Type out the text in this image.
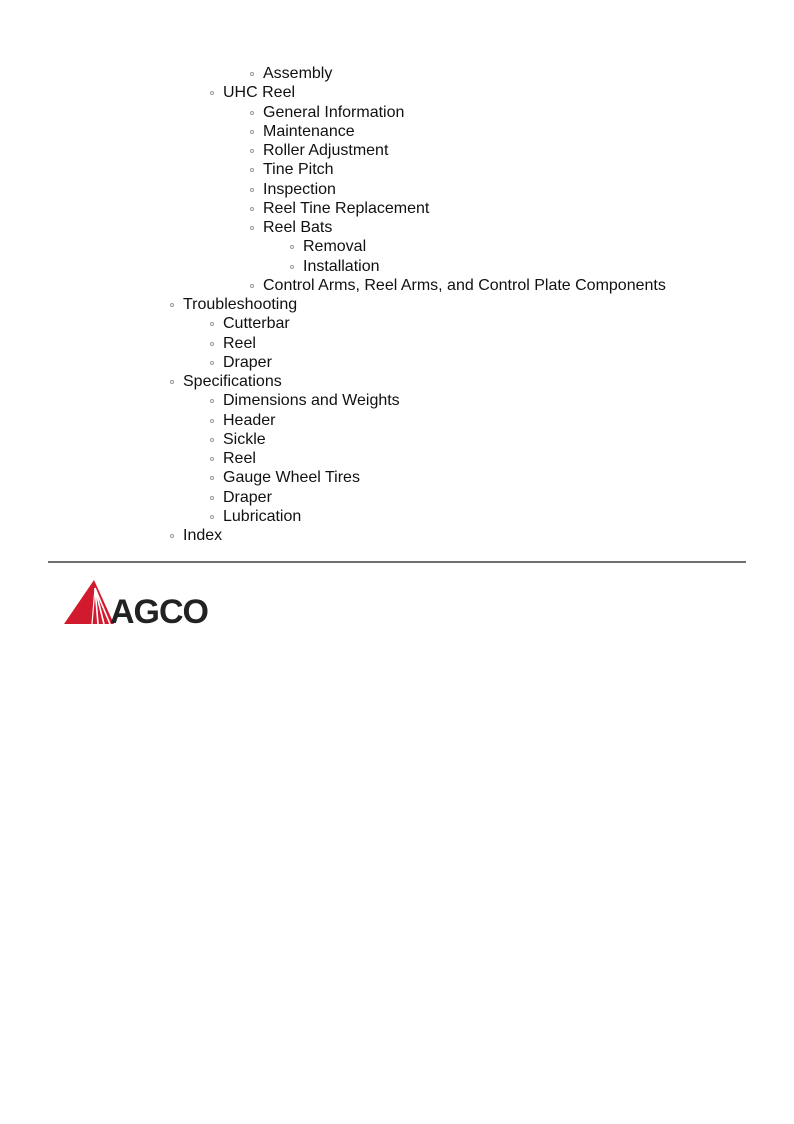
Assembly
UHC Reel
General Information
Maintenance
Roller Adjustment
Tine Pitch
Inspection
Reel Tine Replacement
Reel Bats
Removal
Installation
Control Arms, Reel Arms, and Control Plate Components
Troubleshooting
Cutterbar
Reel
Draper
Specifications
Dimensions and Weights
Header
Sickle
Reel
Gauge Wheel Tires
Draper
Lubrication
Index
AGCO
